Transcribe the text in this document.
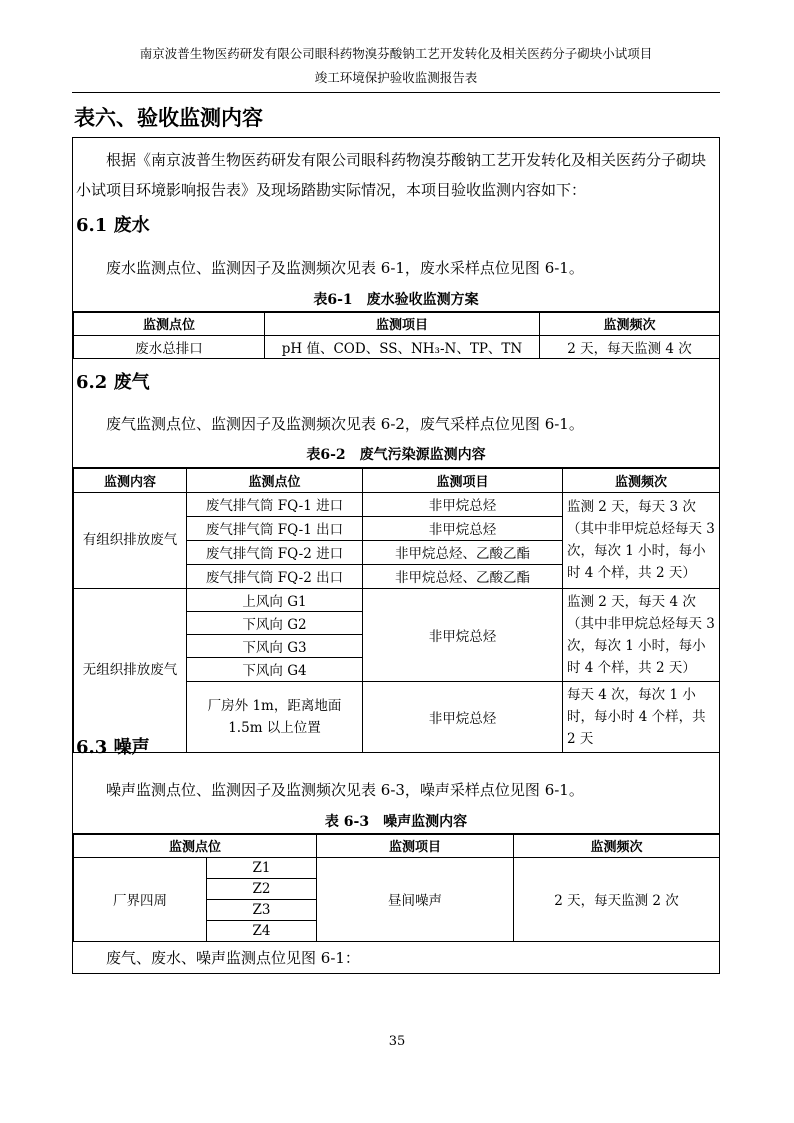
南京波普生物医药研发有限公司眼科药物溴芬酸钠工艺开发转化及相关医药分子砌块小试项目
竣工环境保护验收监测报告表
表六、验收监测内容
根据《南京波普生物医药研发有限公司眼科药物溴芬酸钠工艺开发转化及相关医药分子砌块小试项目环境影响报告表》及现场踏勘实际情况，本项目验收监测内容如下：
6.1 废水
废水监测点位、监测因子及监测频次见表 6-1，废水采样点位见图 6-1。
表6-1　废水验收监测方案
监测点位	监测项目	监测频次
废水总排口	pH 值、COD、SS、NH₃-N、TP、TN	2 天，每天监测 4 次
6.2 废气
废气监测点位、监测因子及监测频次见表 6-2，废气采样点位见图 6-1。
表6-2　废气污染源监测内容
监测内容	监测点位	监测项目	监测频次
有组织排放废气	废气排气筒 FQ-1 进口	非甲烷总烃	监测 2 天，每天 3 次（其中非甲烷总烃每天 3 次，每次 1 小时，每小时 4 个样，共 2 天）
	废气排气筒 FQ-1 出口	非甲烷总烃	
	废气排气筒 FQ-2 进口	非甲烷总烃、乙酸乙酯	
	废气排气筒 FQ-2 出口	非甲烷总烃、乙酸乙酯	
无组织排放废气	上风向 G1	非甲烷总烃	监测 2 天，每天 4 次（其中非甲烷总烃每天 3 次，每次 1 小时，每小时 4 个样，共 2 天）
	下风向 G2		
	下风向 G3		
	下风向 G4		
	厂房外 1m，距离地面 1.5m 以上位置	非甲烷总烃	每天 4 次，每次 1 小时，每小时 4 个样，共 2 天
6.3 噪声
噪声监测点位、监测因子及监测频次见表 6-3，噪声采样点位见图 6-1。
表 6-3　噪声监测内容
监测点位		监测项目	监测频次
厂界四周	Z1	昼间噪声	2 天，每天监测 2 次
	Z2		
	Z3		
	Z4		
废气、废水、噪声监测点位见图 6-1：
35
